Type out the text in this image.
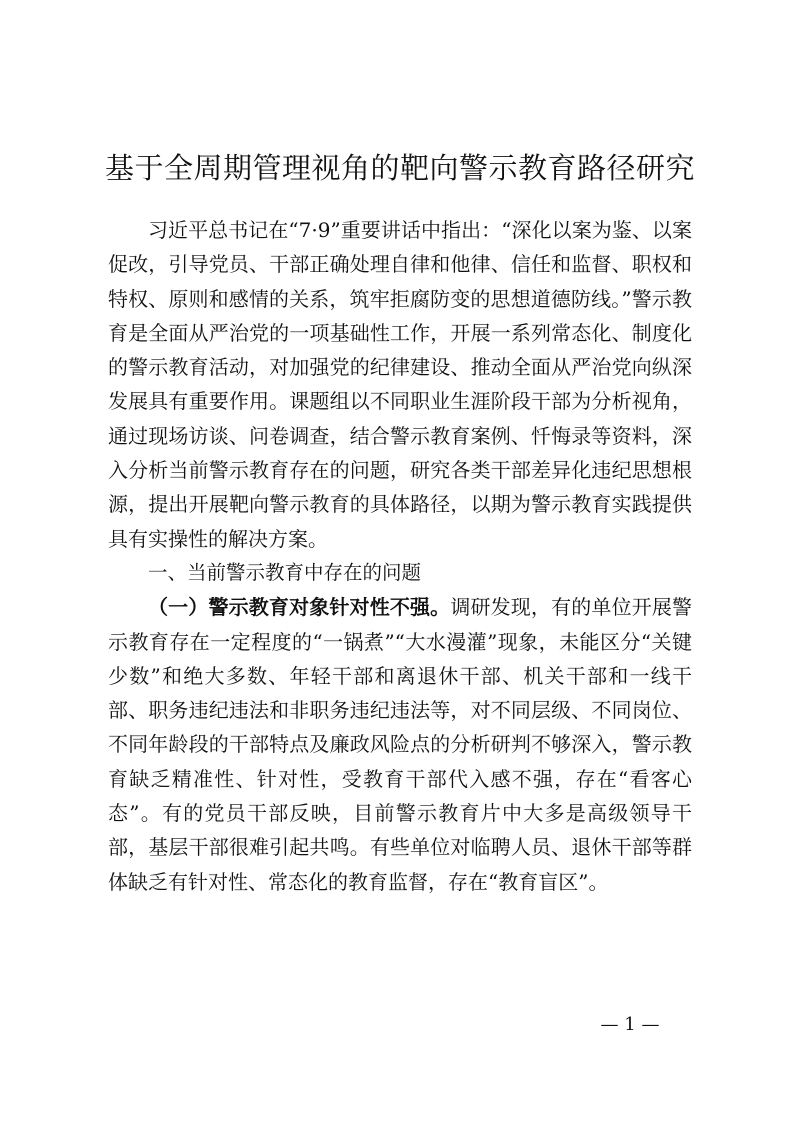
基于全周期管理视角的靶向警示教育路径研究

习近平总书记在“7·9”重要讲话中指出：“深化以案为鉴、以案促改，引导党员、干部正确处理自律和他律、信任和监督、职权和特权、原则和感情的关系，筑牢拒腐防变的思想道德防线。”警示教育是全面从严治党的一项基础性工作，开展一系列常态化、制度化的警示教育活动，对加强党的纪律建设、推动全面从严治党向纵深发展具有重要作用。课题组以不同职业生涯阶段干部为分析视角，通过现场访谈、问卷调查，结合警示教育案例、忏悔录等资料，深入分析当前警示教育存在的问题，研究各类干部差异化违纪思想根源，提出开展靶向警示教育的具体路径，以期为警示教育实践提供具有实操性的解决方案。

一、当前警示教育中存在的问题

（一）警示教育对象针对性不强。调研发现，有的单位开展警示教育存在一定程度的“一锅煮”“大水漫灌”现象，未能区分“关键少数”和绝大多数、年轻干部和离退休干部、机关干部和一线干部、职务违纪违法和非职务违纪违法等，对不同层级、不同岗位、不同年龄段的干部特点及廉政风险点的分析研判不够深入，警示教育缺乏精准性、针对性，受教育干部代入感不强，存在“看客心态”。有的党员干部反映，目前警示教育片中大多是高级领导干部，基层干部很难引起共鸣。有些单位对临聘人员、退休干部等群体缺乏有针对性、常态化的教育监督，存在“教育盲区”。

— 1 —
